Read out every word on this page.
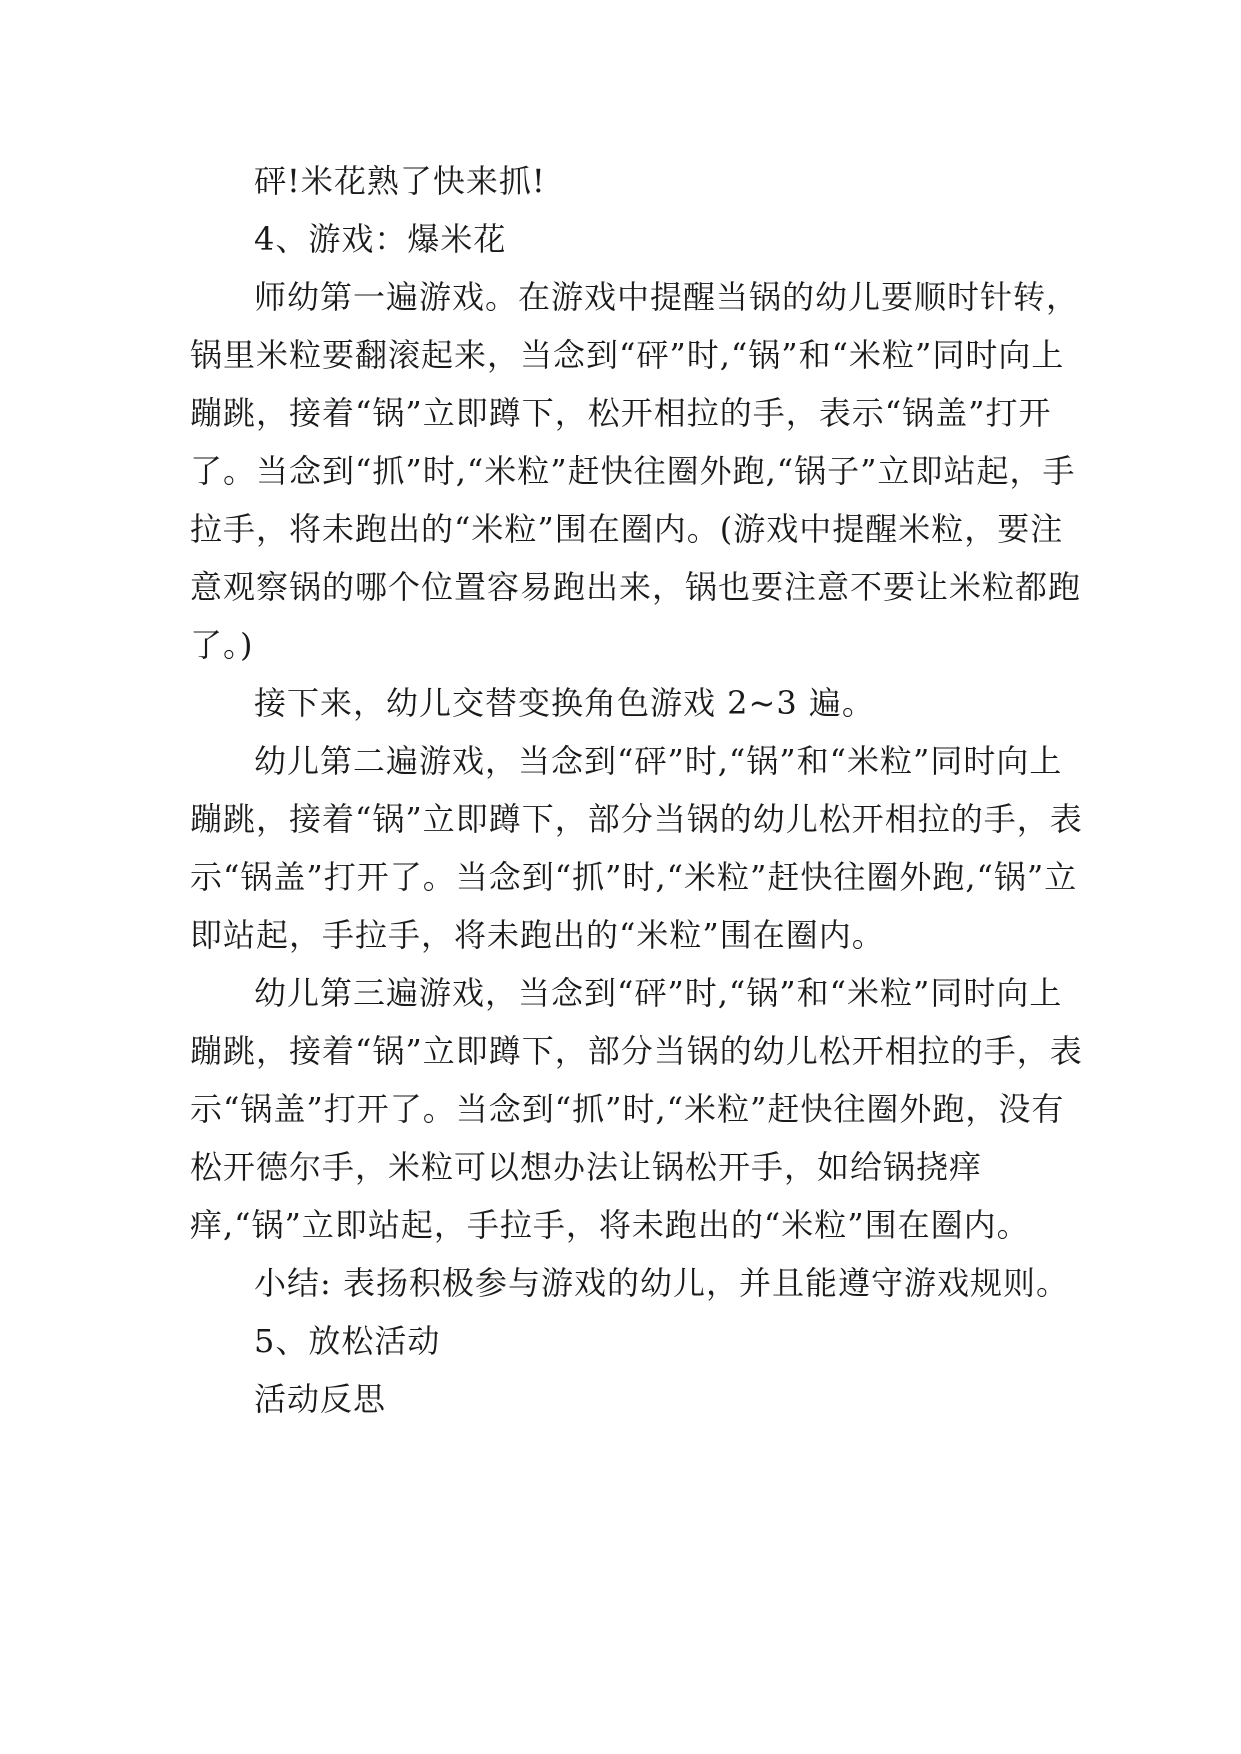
砰!米花熟了快来抓!

4、游戏：爆米花

师幼第一遍游戏。在游戏中提醒当锅的幼儿要顺时针转，锅里米粒要翻滚起来，当念到“砰”时,“锅”和“米粒”同时向上蹦跳，接着“锅”立即蹲下，松开相拉的手，表示“锅盖”打开了。当念到“抓”时,“米粒”赶快往圈外跑,“锅子”立即站起，手拉手，将未跑出的“米粒”围在圈内。(游戏中提醒米粒，要注意观察锅的哪个位置容易跑出来，锅也要注意不要让米粒都跑了。)

接下来，幼儿交替变换角色游戏 2~3 遍。

幼儿第二遍游戏，当念到“砰”时,“锅”和“米粒”同时向上蹦跳，接着“锅”立即蹲下，部分当锅的幼儿松开相拉的手，表示“锅盖”打开了。当念到“抓”时,“米粒”赶快往圈外跑,“锅”立即站起，手拉手，将未跑出的“米粒”围在圈内。

幼儿第三遍游戏，当念到“砰”时,“锅”和“米粒”同时向上蹦跳，接着“锅”立即蹲下，部分当锅的幼儿松开相拉的手，表示“锅盖”打开了。当念到“抓”时,“米粒”赶快往圈外跑，没有松开德尔手，米粒可以想办法让锅松开手，如给锅挠痒痒,“锅”立即站起，手拉手，将未跑出的“米粒”围在圈内。

小结: 表扬积极参与游戏的幼儿，并且能遵守游戏规则。

5、放松活动

活动反思
